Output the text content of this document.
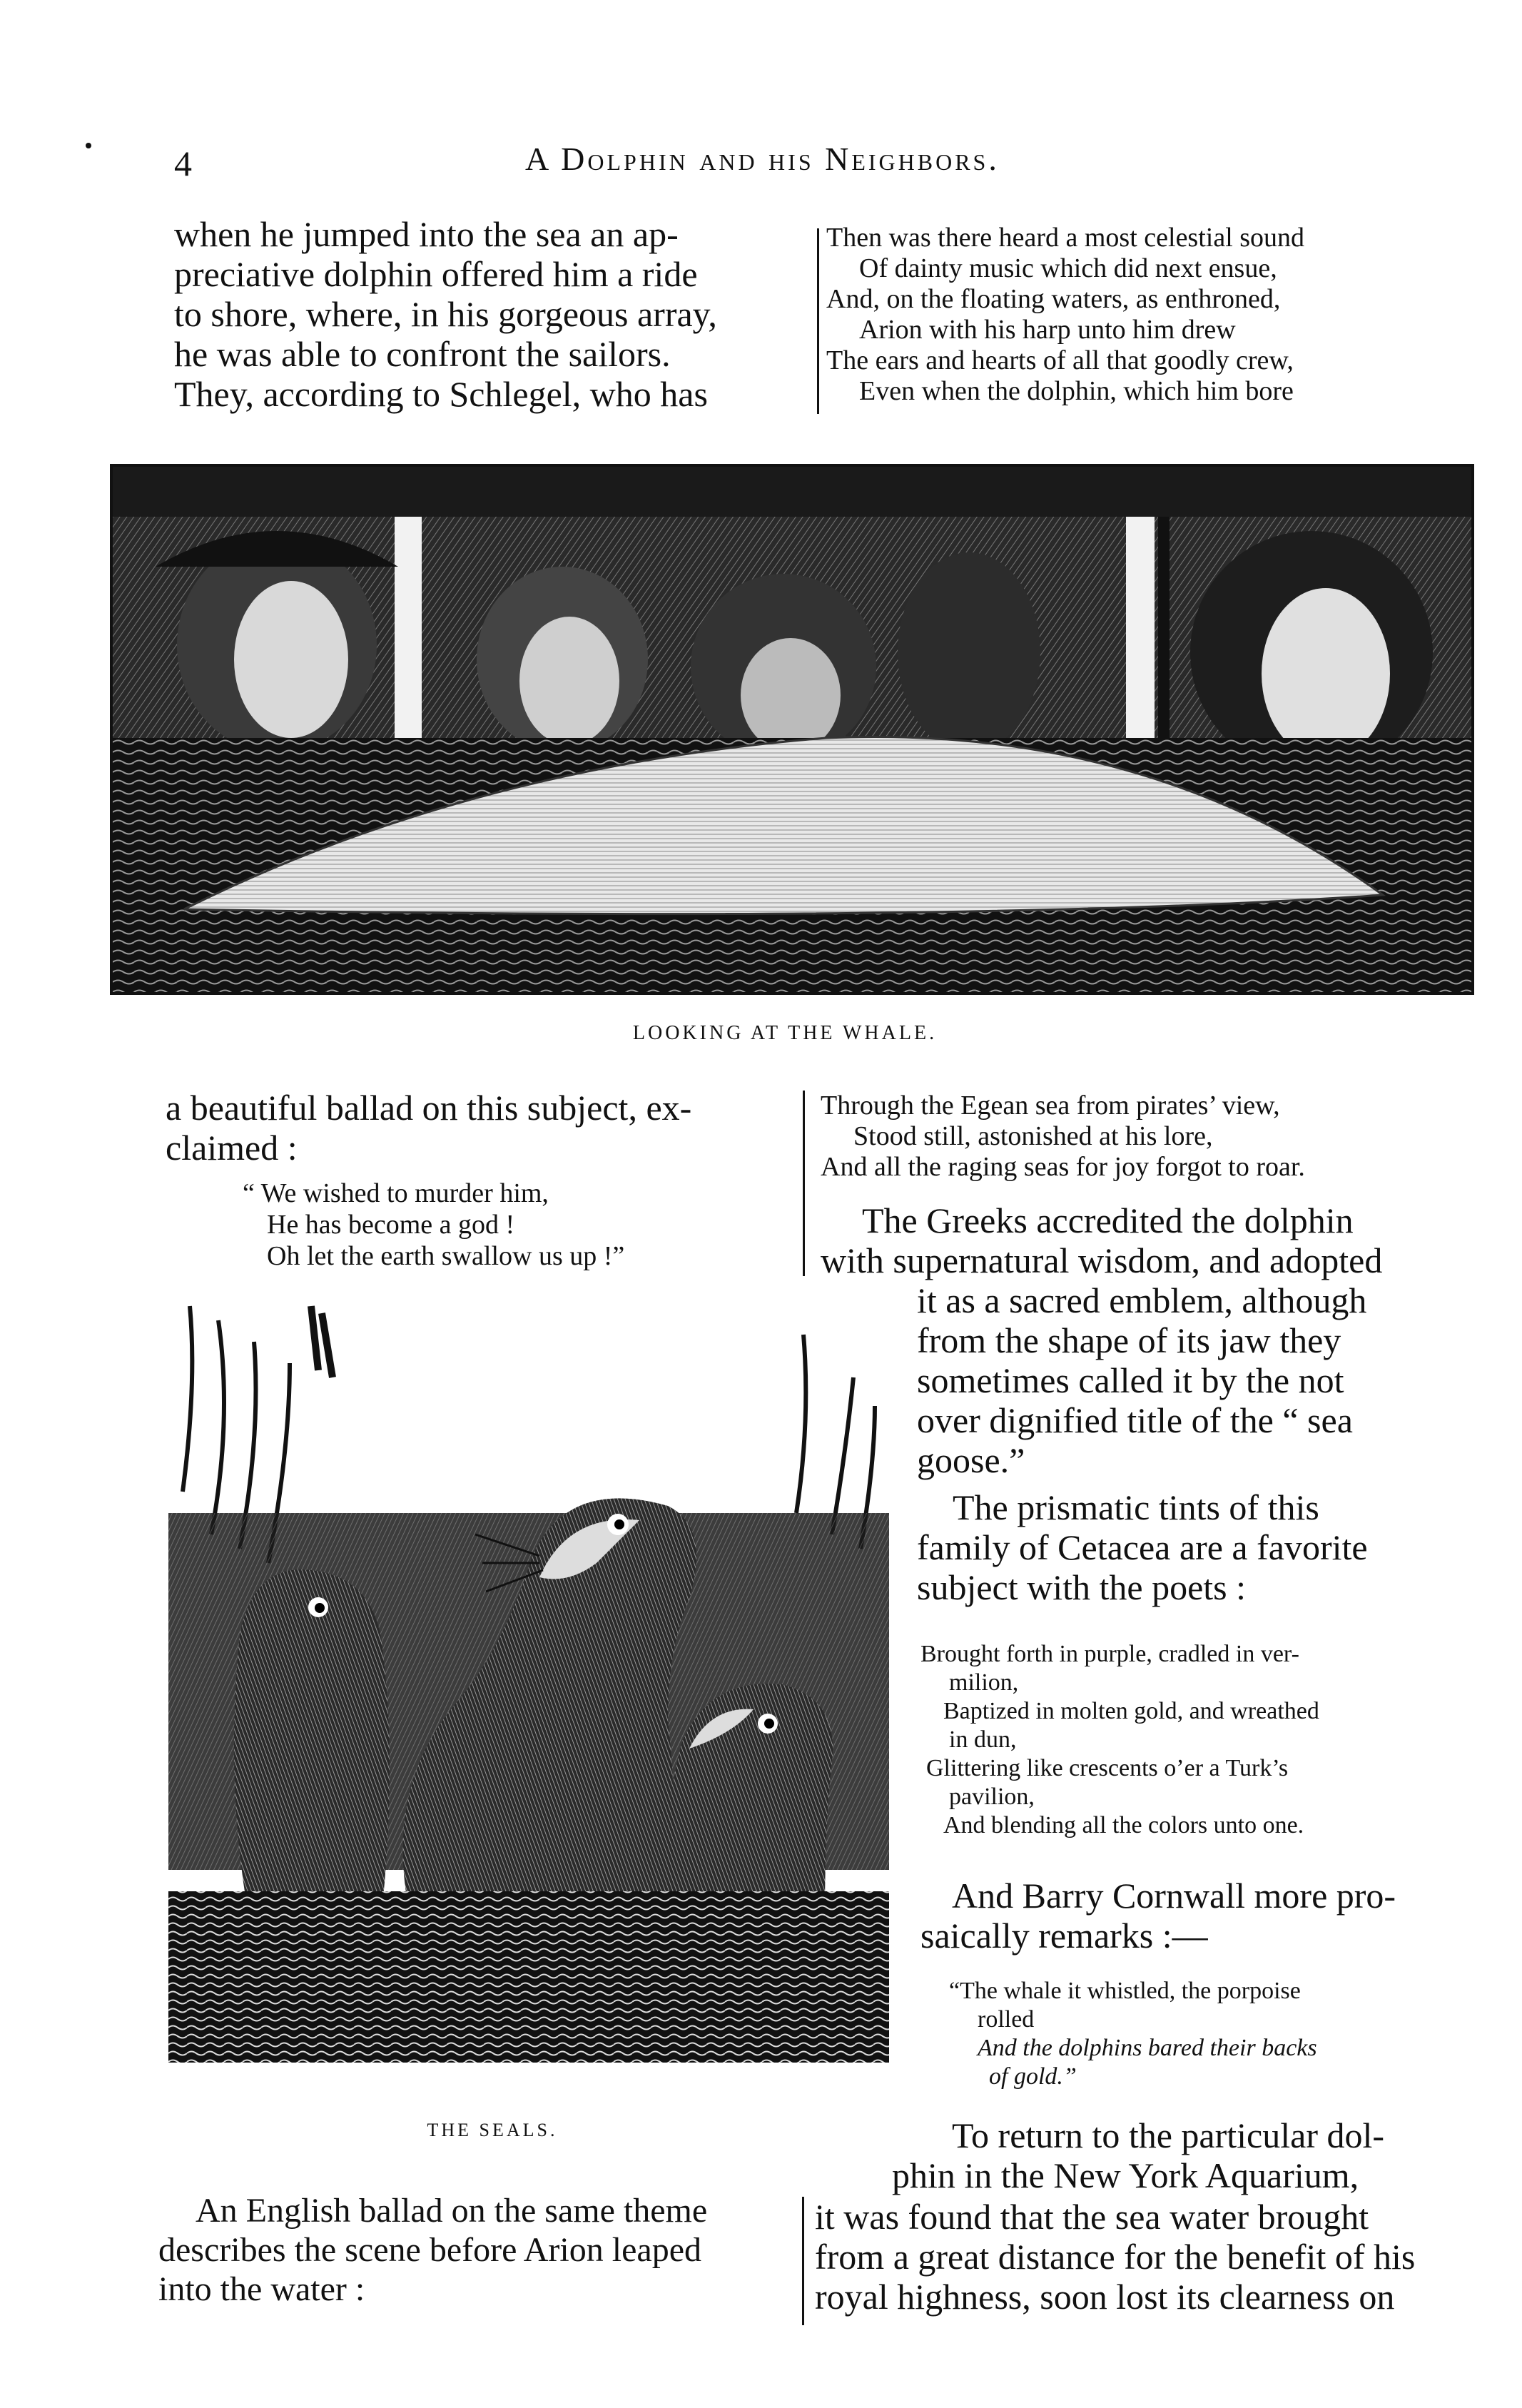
4	A Dolphin and his Neighbors.

when he jumped into the sea an ap-

preciative dolphin offered him a ride

to shore, where, in his gorgeous array,

he was able to confront the sailors.

They, according to Schlegel, who has

Then was there heard a most celestial sound
Of dainty music which did next ensue,
And, on the floating waters, as enthroned,
Arion with his harp unto him drew
The ears and hearts of all that goodly crew,
Even when the dolphin, which him bore
LOOKING AT THE WHALE.

a beautiful ballad on this subject, ex-

claimed :

“ We wished to murder him,
He has become a god !
Oh let the earth swallow us up !”
Through the Egean sea from pirates’ view,
Stood still, astonished at his lore,
And all the raging seas for joy forgot to roar.

The Greeks accredited the dolphin

with supernatural wisdom, and adopted

it as a sacred emblem, although

from the shape of its jaw they

sometimes called it by the not

over dignified title of the “ sea

goose.”

The prismatic tints of this

family of Cetacea are a favorite

subject with the poets :

Brought forth in purple, cradled in ver-
milion,
Baptized in molten gold, and wreathed
in dun,
Glittering like crescents o’er a Turk’s
pavilion,
And blending all the colors unto one.

And Barry Cornwall more pro-

saically remarks :—

“The whale it whistled, the porpoise
rolled
And the dolphins bared their backs
of gold.”

To return to the particular dol-

phin in the New York Aquarium,

it was found that the sea water brought

from a great distance for the benefit of his

royal highness, soon lost its clearness on

THE SEALS.

An English ballad on the same theme

describes the scene before Arion leaped

into the water :
